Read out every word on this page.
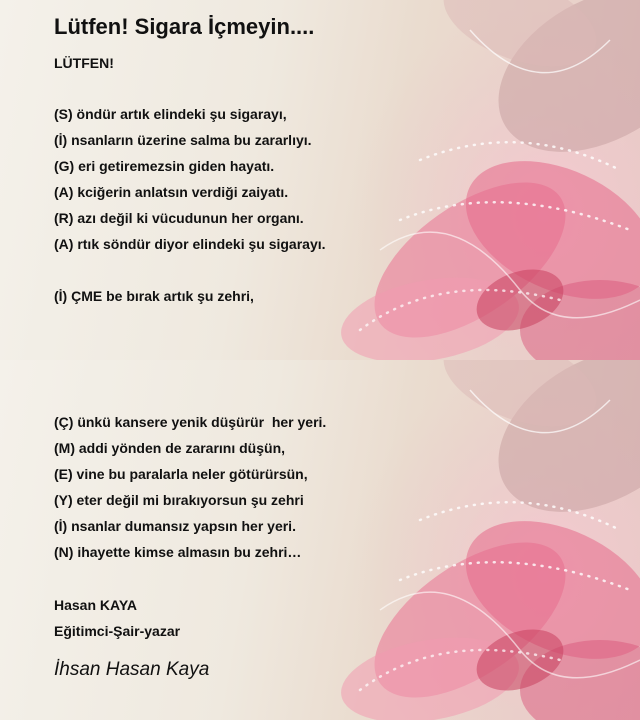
Lütfen! Sigara İçmeyin....
LÜTFEN!
(S) öndür artık elindeki şu sigarayı,
(İ) nsanların üzerine salma bu zararlıyı.
(G) eri getiremezsin giden hayatı.
(A) kciğerin anlatsın verdiği zaiyatı.
(R) azı değil ki vücudunun her organı.
(A) rtık söndür diyor elindeki şu sigarayı.
(İ) ÇME be bırak artık şu zehri,
(Ç) ünkü kansere yenik düşürür  her yeri.
(M) addi yönden de zararını düşün,
(E) vine bu paralarla neler götürürsün,
(Y) eter değil mi bırakıyorsun şu zehri
(İ) nsanlar dumansız yapsın her yeri.
(N) ihayette kimse almasın bu zehri…
Hasan KAYA
Eğitimci-Şair-yazar
İhsan Hasan Kaya
